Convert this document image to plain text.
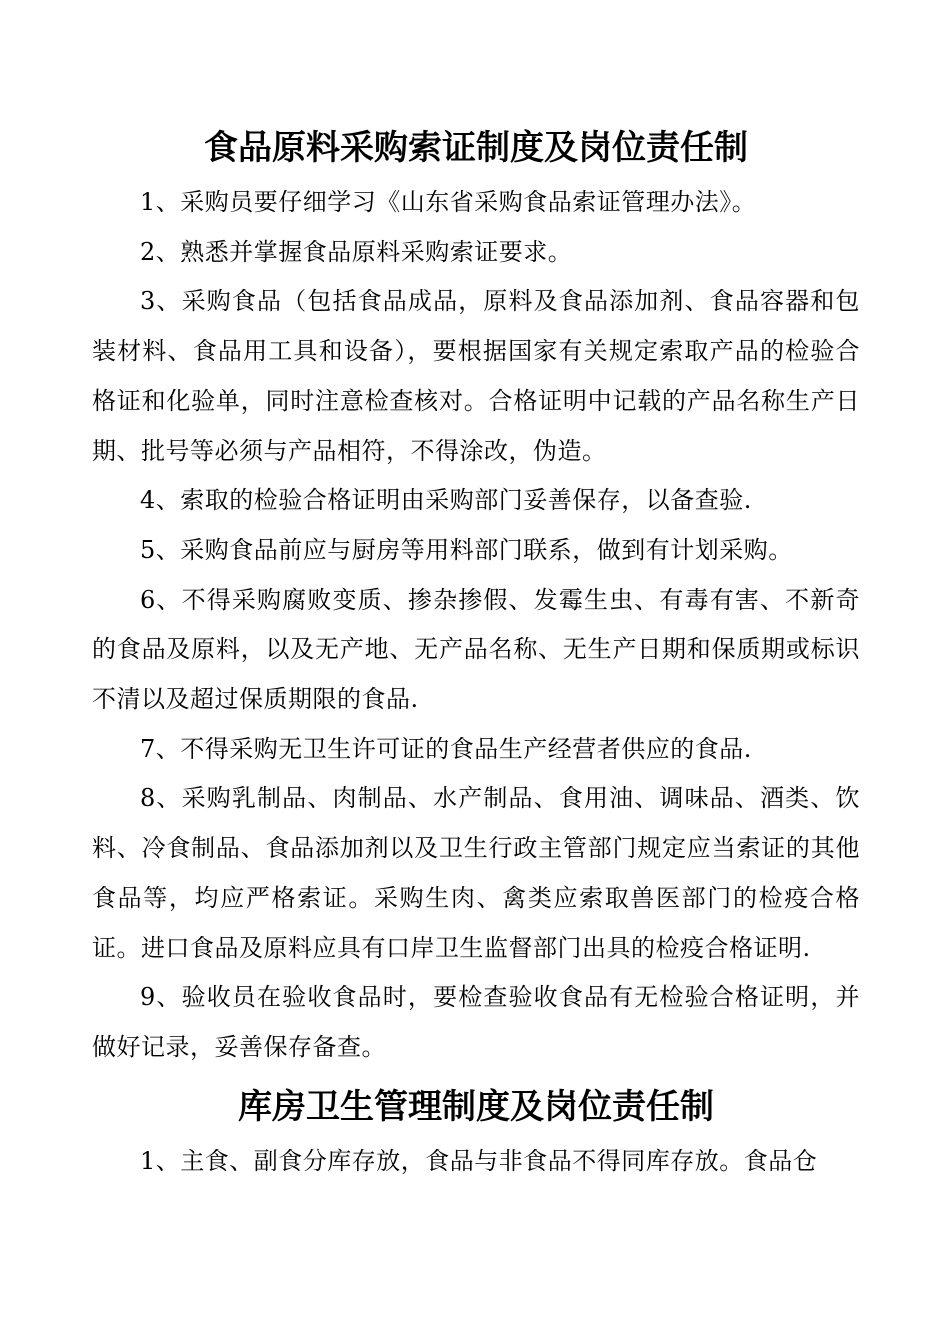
食品原料采购索证制度及岗位责任制

1、采购员要仔细学习《山东省采购食品索证管理办法》。

2、熟悉并掌握食品原料采购索证要求。

3、采购食品（包括食品成品，原料及食品添加剂、食品容器和包装材料、食品用工具和设备），要根据国家有关规定索取产品的检验合格证和化验单，同时注意检查核对。合格证明中记载的产品名称生产日期、批号等必须与产品相符，不得涂改，伪造。

4、索取的检验合格证明由采购部门妥善保存，以备查验.

5、采购食品前应与厨房等用料部门联系，做到有计划采购。

6、不得采购腐败变质、掺杂掺假、发霉生虫、有毒有害、不新奇的食品及原料，以及无产地、无产品名称、无生产日期和保质期或标识不清以及超过保质期限的食品.

7、不得采购无卫生许可证的食品生产经营者供应的食品.

8、采购乳制品、肉制品、水产制品、食用油、调味品、酒类、饮料、冷食制品、食品添加剂以及卫生行政主管部门规定应当索证的其他食品等，均应严格索证。采购生肉、禽类应索取兽医部门的检疫合格证。进口食品及原料应具有口岸卫生监督部门出具的检疫合格证明.

9、验收员在验收食品时，要检查验收食品有无检验合格证明，并做好记录，妥善保存备查。

库房卫生管理制度及岗位责任制

1、主食、副食分库存放，食品与非食品不得同库存放。食品仓
